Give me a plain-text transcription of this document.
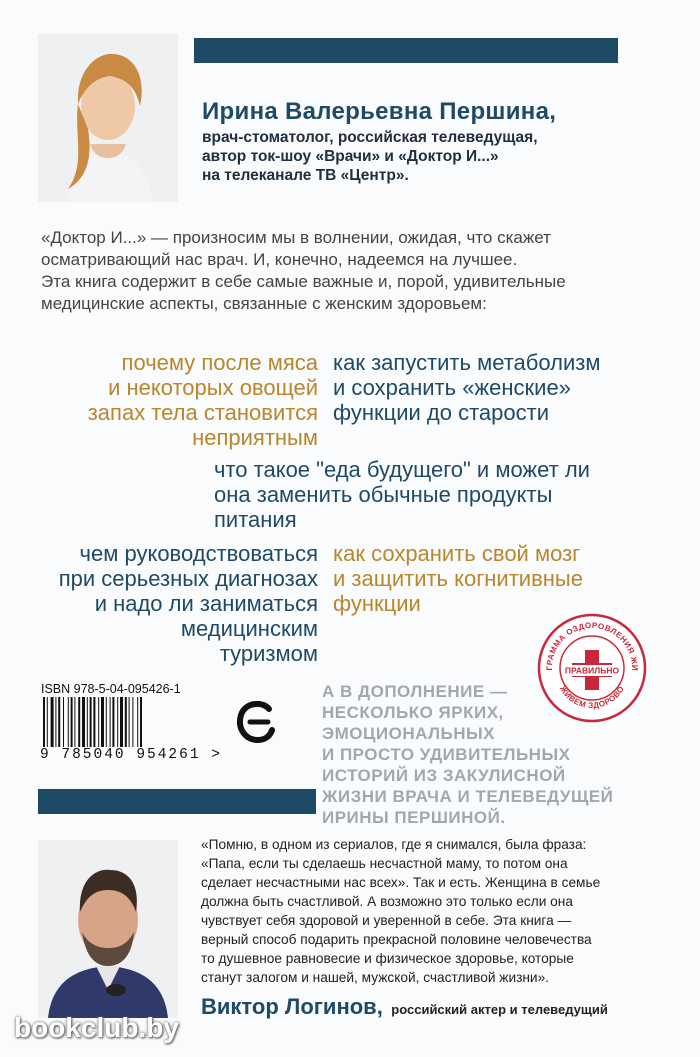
Ирина Валерьевна Першина,
врач-стоматолог, российская телеведущая,
автор ток-шоу «Врачи» и «Доктор И...»
на телеканале ТВ «Центр».
«Доктор И...» — произносим мы в волнении, ожидая, что скажет
осматривающий нас врач. И, конечно, надеемся на лучшее.
Эта книга содержит в себе самые важные и, порой, удивительные
медицинские аспекты, связанные с женским здоровьем:
почему после мяса
и некоторых овощей
запах тела становится
неприятным
как запустить метаболизм
и сохранить «женские»
функции до старости
что такое "еда будущего" и может ли
она заменить обычные продукты
питания
чем руководствоваться
при серьезных диагнозах
и надо ли заниматься
медицинским
туризмом
как сохранить свой мозг
и защитить когнитивные
функции
ГРАММА ОЗДОРОВЛЕНИЯ ЖИ
ЖИВЕМ ЗДОРОВО
ПРАВИЛЬНО
ISBN 978-5-04-095426-1
9 785040 954261 >
А В ДОПОЛНЕНИЕ —
НЕСКОЛЬКО ЯРКИХ,
ЭМОЦИОНАЛЬНЫХ
И ПРОСТО УДИВИТЕЛЬНЫХ
ИСТОРИЙ ИЗ ЗАКУЛИСНОЙ
ЖИЗНИ ВРАЧА И ТЕЛЕВЕДУЩЕЙ
ИРИНЫ ПЕРШИНОЙ.
«Помню, в одном из сериалов, где я снимался, была фраза:
«Папа, если ты сделаешь несчастной маму, то потом она
сделает несчастными нас всех». Так и есть. Женщина в семье
должна быть счастливой. А возможно это только если она
чувствует себя здоровой и уверенной в себе. Эта книга —
верный способ подарить прекрасной половине человечества
то душевное равновесие и физическое здоровье, которые
станут залогом и нашей, мужской, счастливой жизни».
Виктор Логинов, российский актер и телеведущий
bookclub.by
